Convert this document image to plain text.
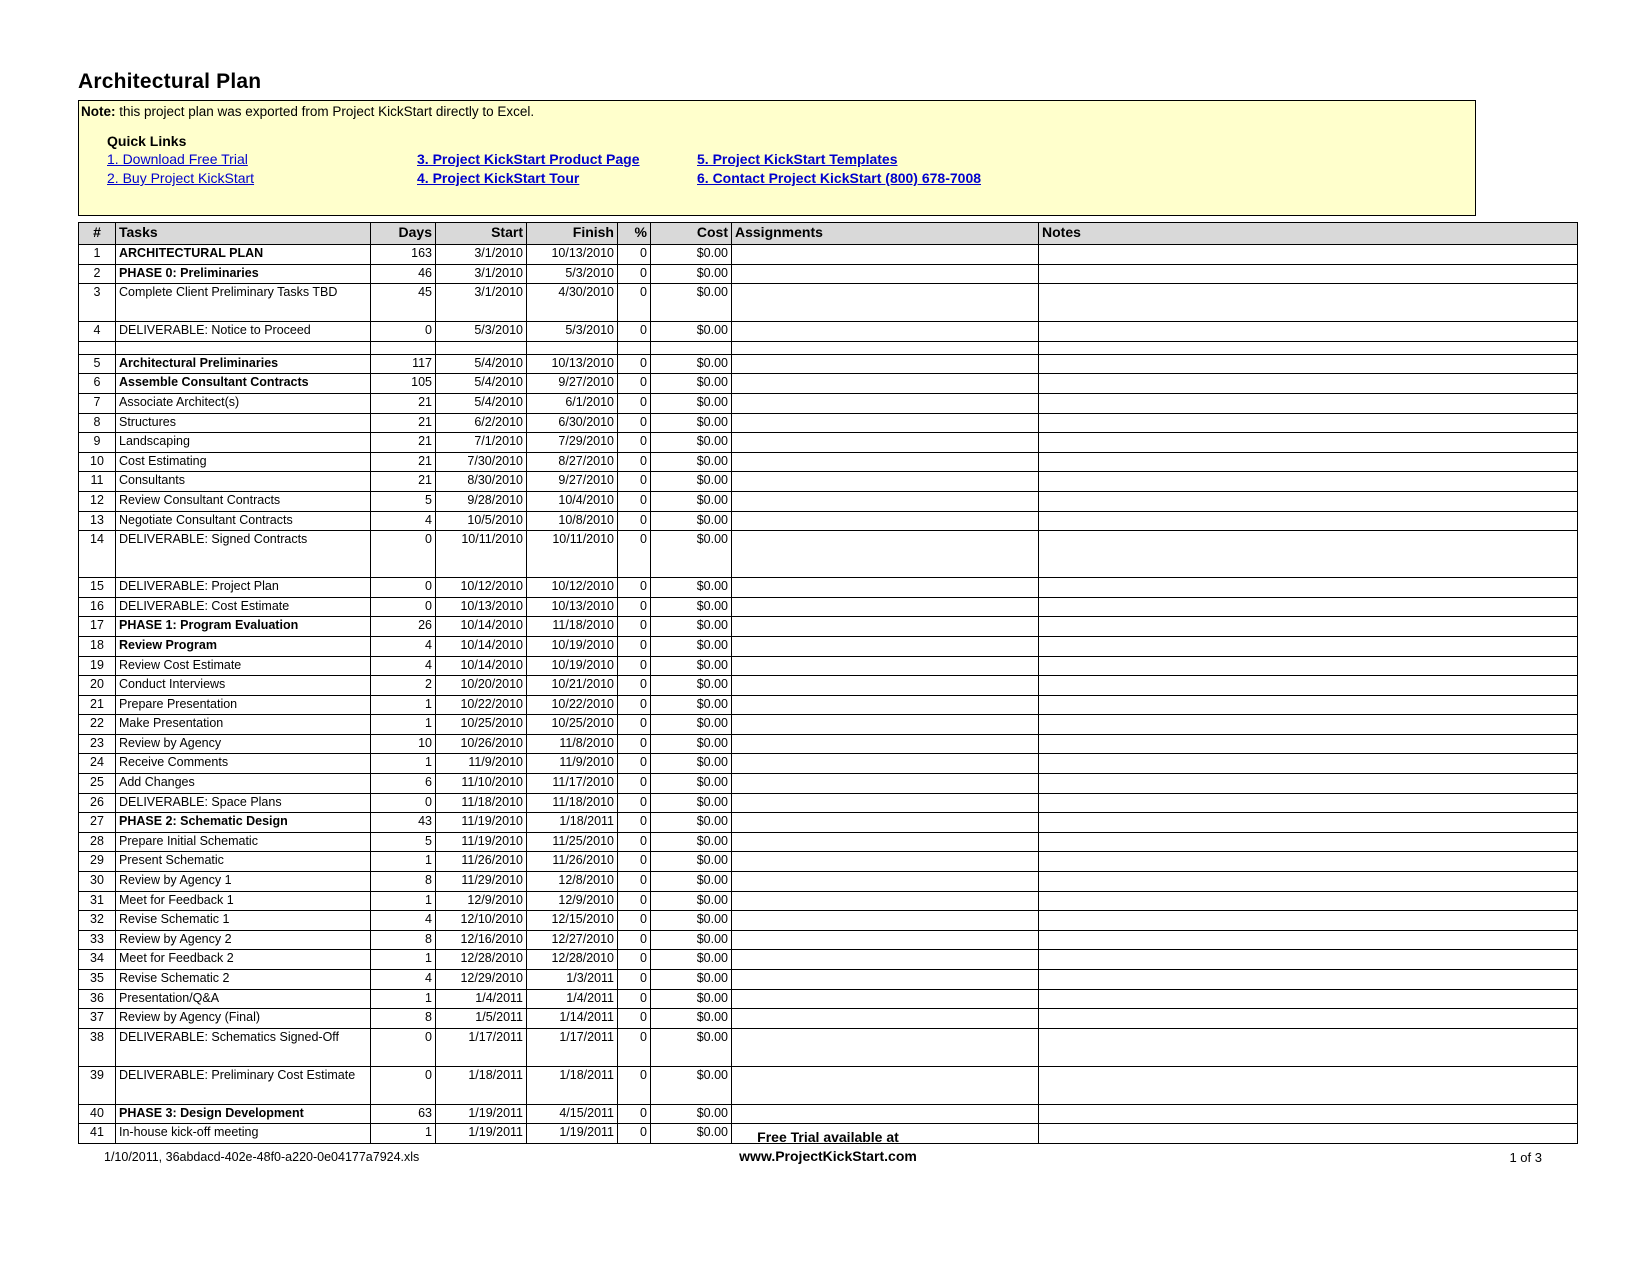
Architectural Plan
Note: this project plan was exported from Project KickStart directly to Excel.
Quick Links
1. Download Free Trial	3. Project KickStart Product Page	5. Project KickStart Templates
2. Buy Project KickStart	4. Project KickStart Tour	6. Contact Project KickStart (800) 678-7008
#	Tasks	Days	Start	Finish	%	Cost	Assignments	Notes
1	ARCHITECTURAL PLAN	163	3/1/2010	10/13/2010	0	$0.00		
2	PHASE 0: Preliminaries	46	3/1/2010	5/3/2010	0	$0.00		
3	Complete Client Preliminary Tasks TBD	45	3/1/2010	4/30/2010	0	$0.00		
4	DELIVERABLE: Notice to Proceed	0	5/3/2010	5/3/2010	0	$0.00		

5	Architectural Preliminaries	117	5/4/2010	10/13/2010	0	$0.00		
6	Assemble Consultant Contracts	105	5/4/2010	9/27/2010	0	$0.00		
7	Associate Architect(s)	21	5/4/2010	6/1/2010	0	$0.00		
8	Structures	21	6/2/2010	6/30/2010	0	$0.00		
9	Landscaping	21	7/1/2010	7/29/2010	0	$0.00		
10	Cost Estimating	21	7/30/2010	8/27/2010	0	$0.00		
11	Consultants	21	8/30/2010	9/27/2010	0	$0.00		
12	Review Consultant Contracts	5	9/28/2010	10/4/2010	0	$0.00		
13	Negotiate Consultant Contracts	4	10/5/2010	10/8/2010	0	$0.00		
14	DELIVERABLE: Signed Contracts	0	10/11/2010	10/11/2010	0	$0.00		
15	DELIVERABLE: Project Plan	0	10/12/2010	10/12/2010	0	$0.00		
16	DELIVERABLE: Cost Estimate	0	10/13/2010	10/13/2010	0	$0.00		
17	PHASE 1: Program Evaluation	26	10/14/2010	11/18/2010	0	$0.00		
18	Review Program	4	10/14/2010	10/19/2010	0	$0.00		
19	Review Cost Estimate	4	10/14/2010	10/19/2010	0	$0.00		
20	Conduct Interviews	2	10/20/2010	10/21/2010	0	$0.00		
21	Prepare Presentation	1	10/22/2010	10/22/2010	0	$0.00		
22	Make Presentation	1	10/25/2010	10/25/2010	0	$0.00		
23	Review by Agency	10	10/26/2010	11/8/2010	0	$0.00		
24	Receive Comments	1	11/9/2010	11/9/2010	0	$0.00		
25	Add Changes	6	11/10/2010	11/17/2010	0	$0.00		
26	DELIVERABLE: Space Plans	0	11/18/2010	11/18/2010	0	$0.00		
27	PHASE 2: Schematic Design	43	11/19/2010	1/18/2011	0	$0.00		
28	Prepare Initial Schematic	5	11/19/2010	11/25/2010	0	$0.00		
29	Present Schematic	1	11/26/2010	11/26/2010	0	$0.00		
30	Review by Agency 1	8	11/29/2010	12/8/2010	0	$0.00		
31	Meet for Feedback 1	1	12/9/2010	12/9/2010	0	$0.00		
32	Revise Schematic 1	4	12/10/2010	12/15/2010	0	$0.00		
33	Review by Agency 2	8	12/16/2010	12/27/2010	0	$0.00		
34	Meet for Feedback 2	1	12/28/2010	12/28/2010	0	$0.00		
35	Revise Schematic 2	4	12/29/2010	1/3/2011	0	$0.00		
36	Presentation/Q&A	1	1/4/2011	1/4/2011	0	$0.00		
37	Review by Agency (Final)	8	1/5/2011	1/14/2011	0	$0.00		
38	DELIVERABLE: Schematics Signed-Off	0	1/17/2011	1/17/2011	0	$0.00		
39	DELIVERABLE: Preliminary Cost Estimate	0	1/18/2011	1/18/2011	0	$0.00		
40	PHASE 3: Design Development	63	1/19/2011	4/15/2011	0	$0.00		
41	In-house kick-off meeting	1	1/19/2011	1/19/2011	0	$0.00		
1/10/2011, 36abdacd-402e-48f0-a220-0e04177a7924.xls
Free Trial available at
www.ProjectKickStart.com	1 of 3
